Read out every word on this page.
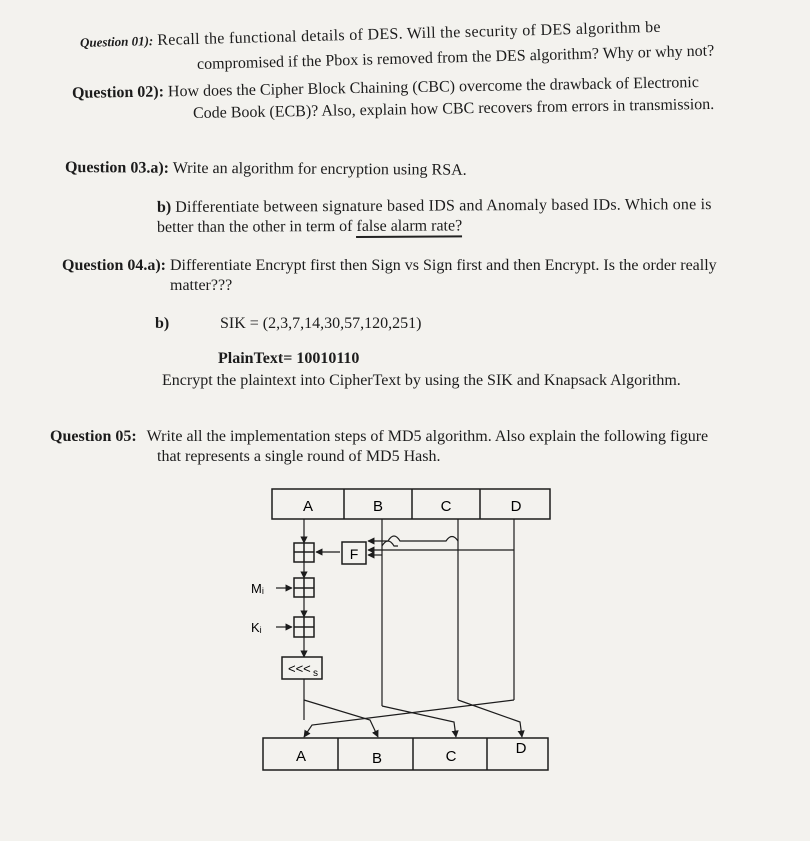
Question 01): Recall the functional details of DES. Will the security of DES algorithm be
compromised if the Pbox is removed from the DES algorithm? Why or why not?
Question 02): How does the Cipher Block Chaining (CBC) overcome the drawback of Electronic
Code Book (ECB)? Also, explain how CBC recovers from errors in transmission.
Question 03.a): Write an algorithm for encryption using RSA.
b) Differentiate between signature based IDS and Anomaly based IDs. Which one is
better than the other in term of false alarm rate?
Question 04.a): Differentiate Encrypt first then Sign vs Sign first and then Encrypt. Is the order really
matter???
b)	SIK = (2,3,7,14,30,57,120,251)
PlainText= 10010110
Encrypt the plaintext into CipherText by using the SIK and Knapsack Algorithm.
Question 05: Write all the implementation steps of MD5 algorithm. Also explain the following figure
that represents a single round of MD5 Hash.
A	B	C	D
F
Mᵢ
Kᵢ
<<< s
A	B	C	D
